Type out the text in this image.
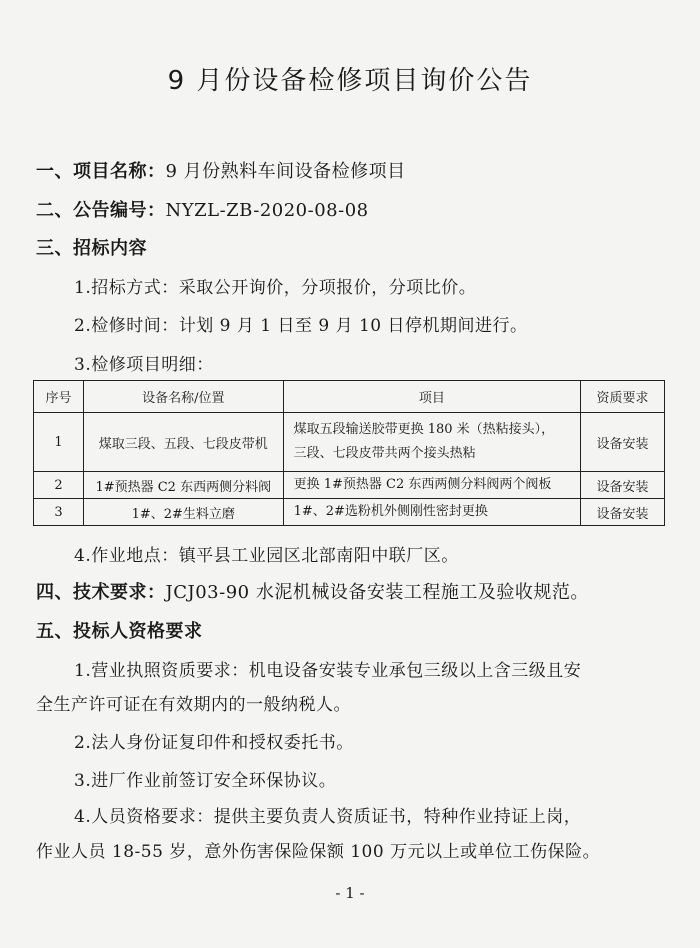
9 月份设备检修项目询价公告
一、项目名称：9 月份熟料车间设备检修项目
二、公告编号：NYZL-ZB-2020-08-08
三、招标内容
1.招标方式：采取公开询价，分项报价，分项比价。
2.检修时间：计划 9 月 1 日至 9 月 10 日停机期间进行。
3.检修项目明细：
序号	设备名称/位置	项目	资质要求
1	煤取三段、五段、七段皮带机	煤取五段输送胶带更换 180 米（热粘接头），
三段、七段皮带共两个接头热粘	设备安装
2	1#预热器 C2 东西两侧分料阀	更换 1#预热器 C2 东西两侧分料阀两个阀板	设备安装
3	1#、2#生料立磨	1#、2#选粉机外侧刚性密封更换	设备安装
4.作业地点：镇平县工业园区北部南阳中联厂区。
四、技术要求：JCJ03-90 水泥机械设备安装工程施工及验收规范。
五、投标人资格要求
1.营业执照资质要求：机电设备安装专业承包三级以上含三级且安
全生产许可证在有效期内的一般纳税人。
2.法人身份证复印件和授权委托书。
3.进厂作业前签订安全环保协议。
4.人员资格要求：提供主要负责人资质证书，特种作业持证上岗，
作业人员 18-55 岁，意外伤害保险保额 100 万元以上或单位工伤保险。
- 1 -
